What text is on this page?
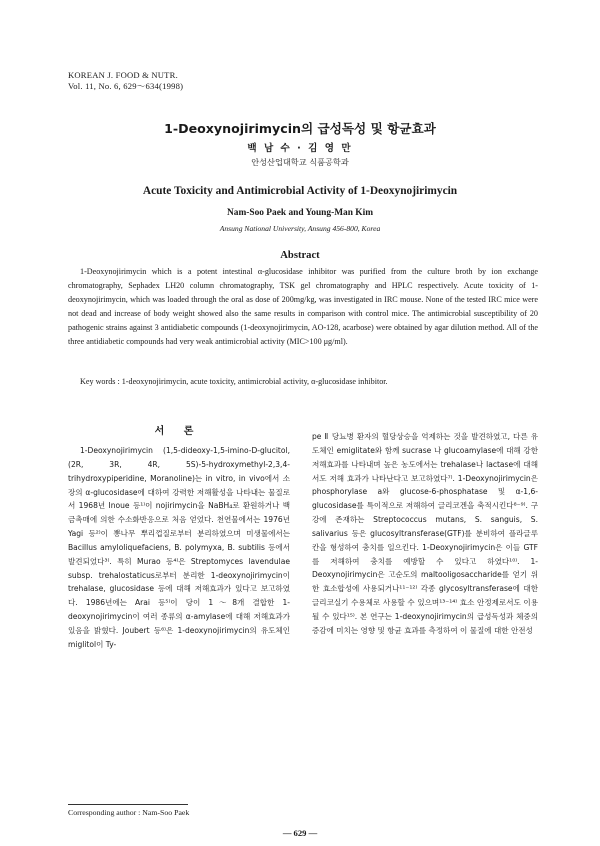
KOREAN J. FOOD & NUTR.
Vol. 11, No. 6, 629～634(1998)
1-Deoxynojirimycin의 급성독성 및 항균효과
백 남 수 · 김 영 만
안성산업대학교 식품공학과
Acute Toxicity and Antimicrobial Activity of 1-Deoxynojirimycin
Nam-Soo Paek and Young-Man Kim
Ansung National University, Ansung 456-800, Korea
Abstract

1-Deoxynojirimycin which is a potent intestinal α-glucosidase inhibitor was purified from the culture broth by ion exchange chromatography, Sephadex LH20 column chromatography, TSK gel chromatography and HPLC respectively. Acute toxicity of 1-deoxynojirimycin, which was loaded through the oral as dose of 200mg/kg, was investigated in IRC mouse. None of the tested IRC mice were not dead and increase of body weight showed also the same results in comparison with control mice. The antimicrobial susceptibility of 20 pathogenic strains against 3 antidiabetic compounds (1-deoxynojirimycin, AO-128, acarbose) were obtained by agar dilution method. All of the three antidiabetic compounds had very weak antimicrobial activity (MIC>100 μg/ml).

Key words : 1-deoxynojirimycin, acute toxicity, antimicrobial activity, α-glucosidase inhibitor.

서 론

1-Deoxynojirimycin (1,5-dideoxy-1,5-imino-D-glucitol, (2R, 3R, 4R, 5S)-5-hydroxymethyl-2,3,4-trihydroxypiperidine, Moranoline)는 in vitro, in vivo에서 소장의 α-glucosidase에 대하여 강력한 저해활성을 나타내는 물질로서 1968년 Inoue 등¹⁾이 nojirimycin을 NaBH₄로 환원하거나 백금촉매에 의한 수소화반응으로 처음 얻었다. 천연물에서는 1976년 Yagi 등²⁾이 뽕나무 뿌리껍질로부터 분리하였으며 미생물에서는 Bacillus amyloliquefaciens, B. polymyxa, B. subtilis 등에서 발견되었다³⁾. 특히 Murao 등⁴⁾은 Streptomyces lavendulae subsp. trehalostaticus로부터 분리한 1-deoxynojirimycin이 trehalase, glucosidase 등에 대해 저해효과가 있다고 보고하였다. 1986년에는 Arai 등⁵⁾이 당이 1～8개 결합한 1-deoxynojirimycin이 여러 종류의 α-amylase에 대해 저해효과가 있음을 밝혔다. Joubert 등⁶⁾은 1-deoxynojirimycin의 유도체인 miglitol이 Ty-

pe Ⅱ 당뇨병 환자의 혈당상승을 억제하는 것을 발견하였고, 다른 유도체인 emiglitate와 함께 sucrase 나 glucoamylase에 대해 강한 저해효과를 나타내며 높은 농도에서는 trehalase나 lactase에 대해서도 저해 효과가 나타난다고 보고하였다⁷⁾. 1-Deoxynojirimycin은 phosphorylase a와 glucose-6-phosphatase 및 α-1,6-glucosidase를 특이적으로 저해하여 글리코겐을 축적시킨다⁸⁻⁹⁾. 구강에 존재하는 Streptococcus mutans, S. sanguis, S. salivarius 등은 glucosyltransferase(GTF)를 분비하여 플라글루칸을 형성하여 충치를 일으킨다. 1-Deoxynojirimycin은 이들 GTF를 저해하여 충치를 예방할 수 있다고 하였다¹⁰⁾. 1-Deoxynojirimycin은 고순도의 maltooligosaccharide를 얻기 위한 효소합성에 사용되거나¹¹⁻¹²⁾ 각종 glycosyltransferase에 대한 글리코실기 수용체로 사용할 수 있으며¹³⁻¹⁴⁾ 효소 안정제로서도 이용될 수 있다¹⁵⁾. 본 연구는 1-deoxynojirimycin의 급성독성과 체중의 증감에 미치는 영향 및 항균 효과를 측정하여 이 물질에 대한 안전성

Corresponding author : Nam-Soo Paek
— 629 —
